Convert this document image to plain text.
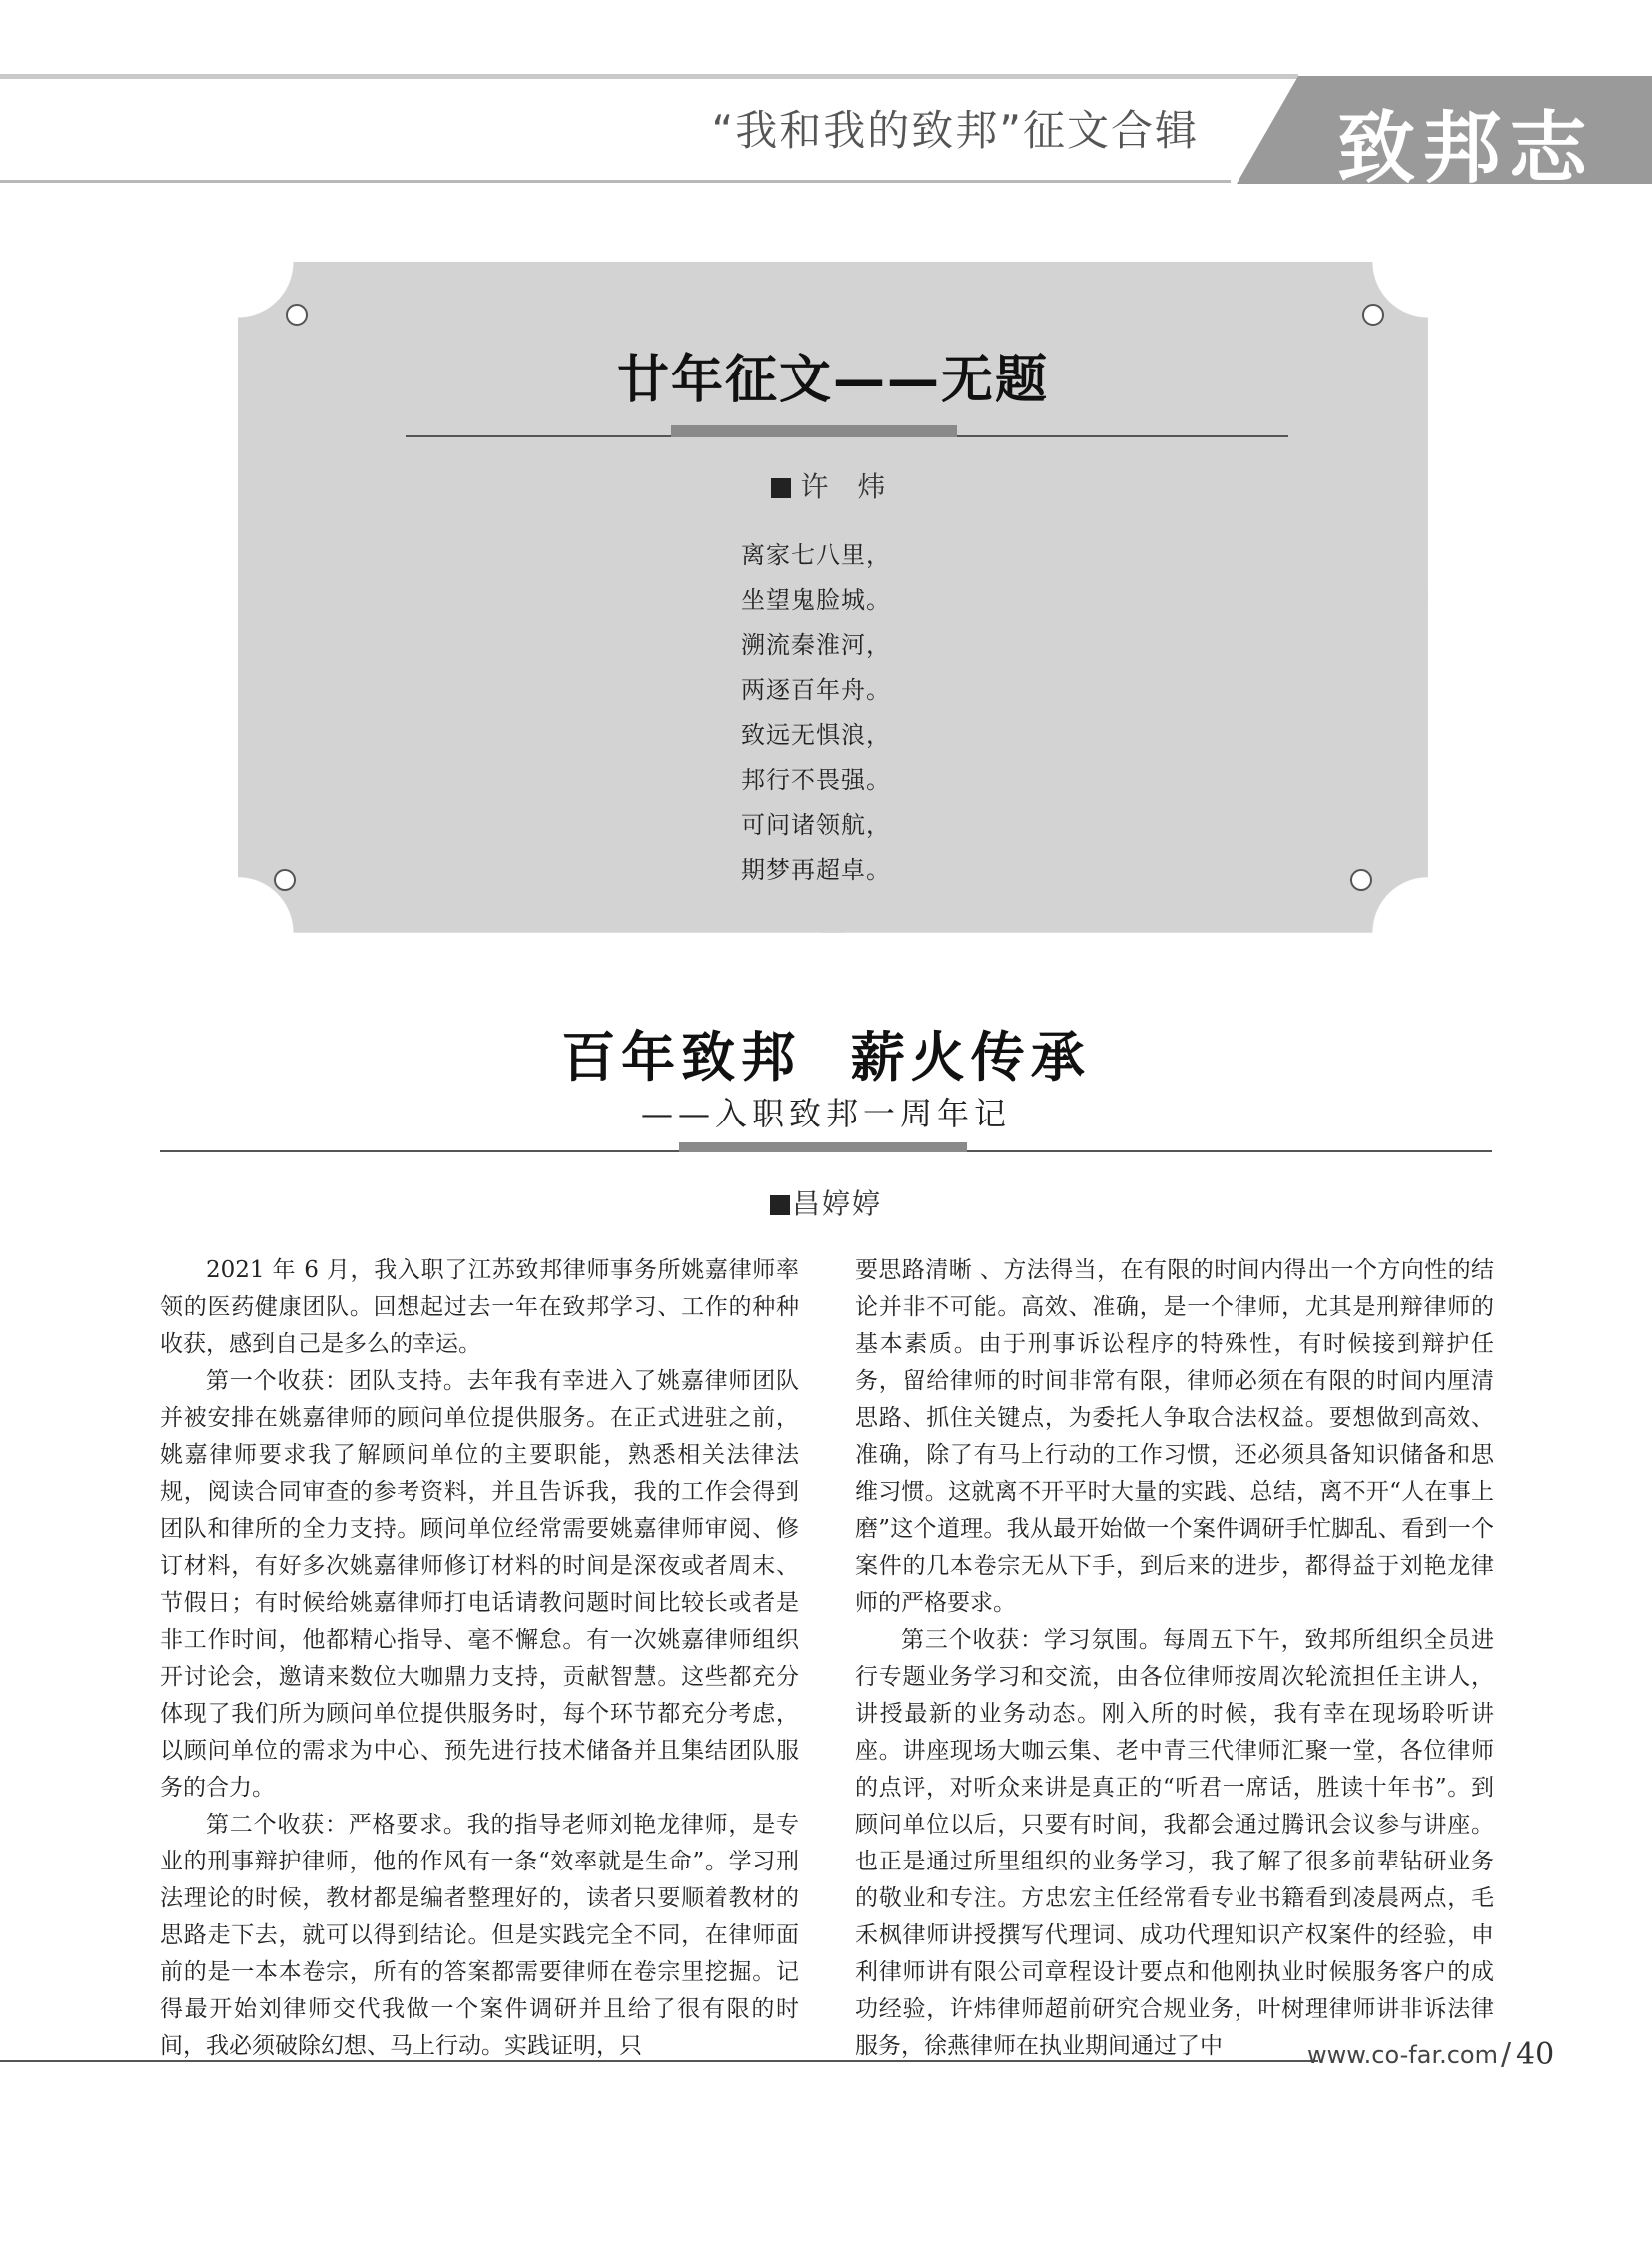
“我和我的致邦”征文合辑 致邦志
廿年征文——无题
许 炜
离家七八里，
坐望鬼脸城。
溯流秦淮河，
两逐百年舟。
致远无惧浪，
邦行不畏强。
可问诸领航，
期梦再超卓。
百年致邦  薪火传承
——入职致邦一周年记
昌婷婷

2021 年 6 月，我入职了江苏致邦律师事务所姚嘉律师率领的医药健康团队。回想起过去一年在致邦学习、工作的种种收获，感到自己是多么的幸运。

第一个收获：团队支持。去年我有幸进入了姚嘉律师团队并被安排在姚嘉律师的顾问单位提供服务。在正式进驻之前，姚嘉律师要求我了解顾问单位的主要职能，熟悉相关法律法规，阅读合同审查的参考资料，并且告诉我，我的工作会得到团队和律所的全力支持。顾问单位经常需要姚嘉律师审阅、修订材料，有好多次姚嘉律师修订材料的时间是深夜或者周末、节假日；有时候给姚嘉律师打电话请教问题时间比较长或者是非工作时间，他都精心指导、毫不懈怠。有一次姚嘉律师组织开讨论会，邀请来数位大咖鼎力支持，贡献智慧。这些都充分体现了我们所为顾问单位提供服务时，每个环节都充分考虑，以顾问单位的需求为中心、预先进行技术储备并且集结团队服务的合力。

第二个收获：严格要求。我的指导老师刘艳龙律师，是专业的刑事辩护律师，他的作风有一条“效率就是生命”。学习刑法理论的时候，教材都是编者整理好的，读者只要顺着教材的思路走下去，就可以得到结论。但是实践完全不同，在律师面前的是一本本卷宗，所有的答案都需要律师在卷宗里挖掘。记得最开始刘律师交代我做一个案件调研并且给了很有限的时间，我必须破除幻想、马上行动。实践证明，只

要思路清晰 、方法得当，在有限的时间内得出一个方向性的结论并非不可能。高效、准确，是一个律师，尤其是刑辩律师的基本素质。由于刑事诉讼程序的特殊性，有时候接到辩护任务，留给律师的时间非常有限，律师必须在有限的时间内厘清思路、抓住关键点，为委托人争取合法权益。要想做到高效、准确，除了有马上行动的工作习惯，还必须具备知识储备和思维习惯。这就离不开平时大量的实践、总结，离不开“人在事上磨”这个道理。我从最开始做一个案件调研手忙脚乱、看到一个案件的几本卷宗无从下手，到后来的进步，都得益于刘艳龙律师的严格要求。

第三个收获：学习氛围。每周五下午，致邦所组织全员进行专题业务学习和交流，由各位律师按周次轮流担任主讲人，讲授最新的业务动态。刚入所的时候，我有幸在现场聆听讲座。讲座现场大咖云集、老中青三代律师汇聚一堂，各位律师的点评，对听众来讲是真正的“听君一席话，胜读十年书”。到顾问单位以后，只要有时间，我都会通过腾讯会议参与讲座。也正是通过所里组织的业务学习，我了解了很多前辈钻研业务的敬业和专注。方忠宏主任经常看专业书籍看到凌晨两点，毛禾枫律师讲授撰写代理词、成功代理知识产权案件的经验，申利律师讲有限公司章程设计要点和他刚执业时候服务客户的成功经验，许炜律师超前研究合规业务，叶树理律师讲非诉法律服务，徐燕律师在执业期间通过了中	www.co-far.com / 40
